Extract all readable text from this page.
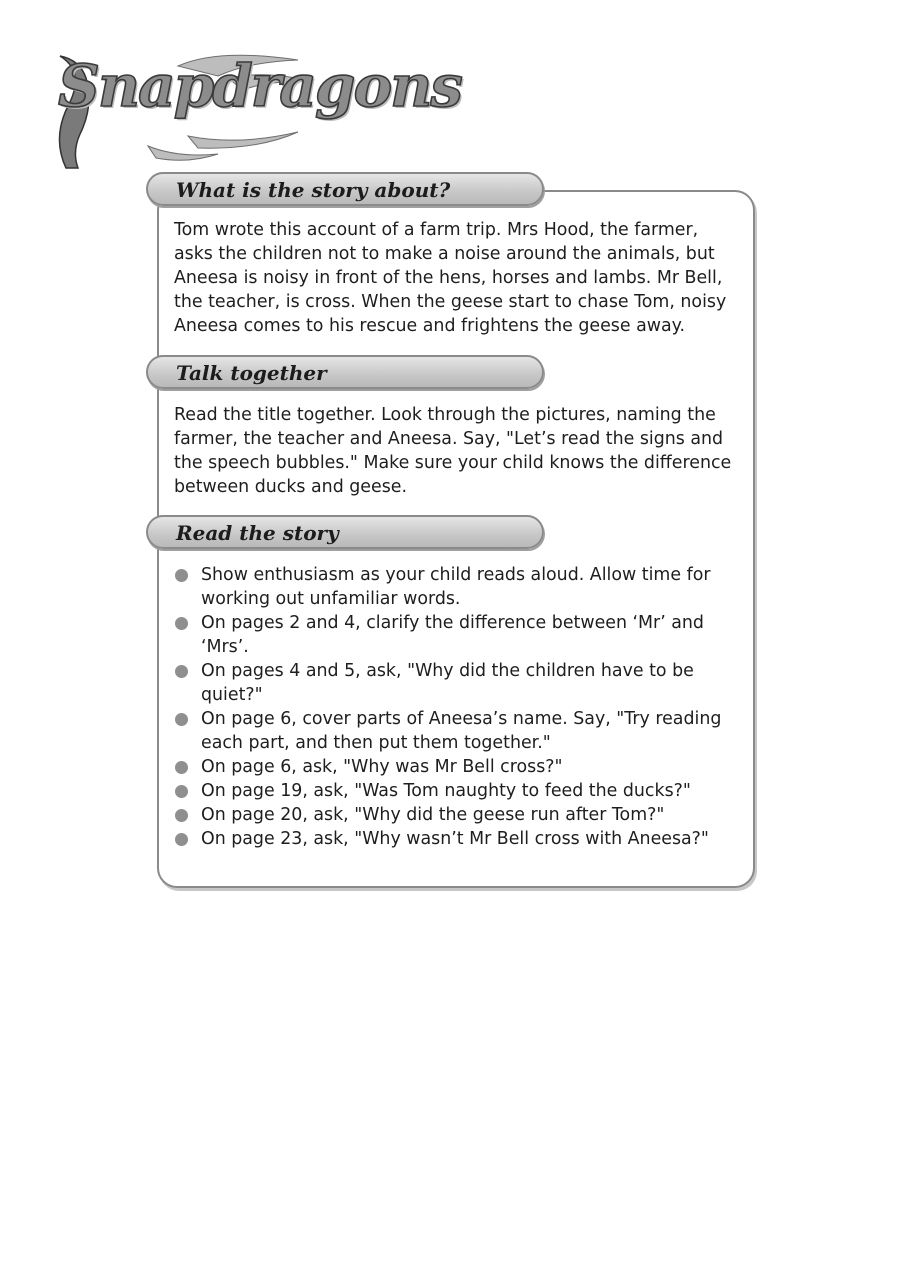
Snapdragons
What is the story about?

Tom wrote this account of a farm trip. Mrs Hood, the farmer, asks the children not to make a noise around the animals, but Aneesa is noisy in front of the hens, horses and lambs. Mr Bell, the teacher, is cross. When the geese start to chase Tom, noisy Aneesa comes to his rescue and frightens the geese away.

Talk together

Read the title together. Look through the pictures, naming the farmer, the teacher and Aneesa. Say, "Let’s read the signs and the speech bubbles." Make sure your child knows the difference between ducks and geese.

Read the story
Show enthusiasm as your child reads aloud. Allow time for working out unfamiliar words.
On pages 2 and 4, clarify the difference between ‘Mr’ and ‘Mrs’.
On pages 4 and 5, ask, "Why did the children have to be quiet?"
On page 6, cover parts of Aneesa’s name. Say, "Try reading each part, and then put them together."
On page 6, ask, "Why was Mr Bell cross?"
On page 19, ask, "Was Tom naughty to feed the ducks?"
On page 20, ask, "Why did the geese run after Tom?"
On page 23, ask, "Why wasn’t Mr Bell cross with Aneesa?"
